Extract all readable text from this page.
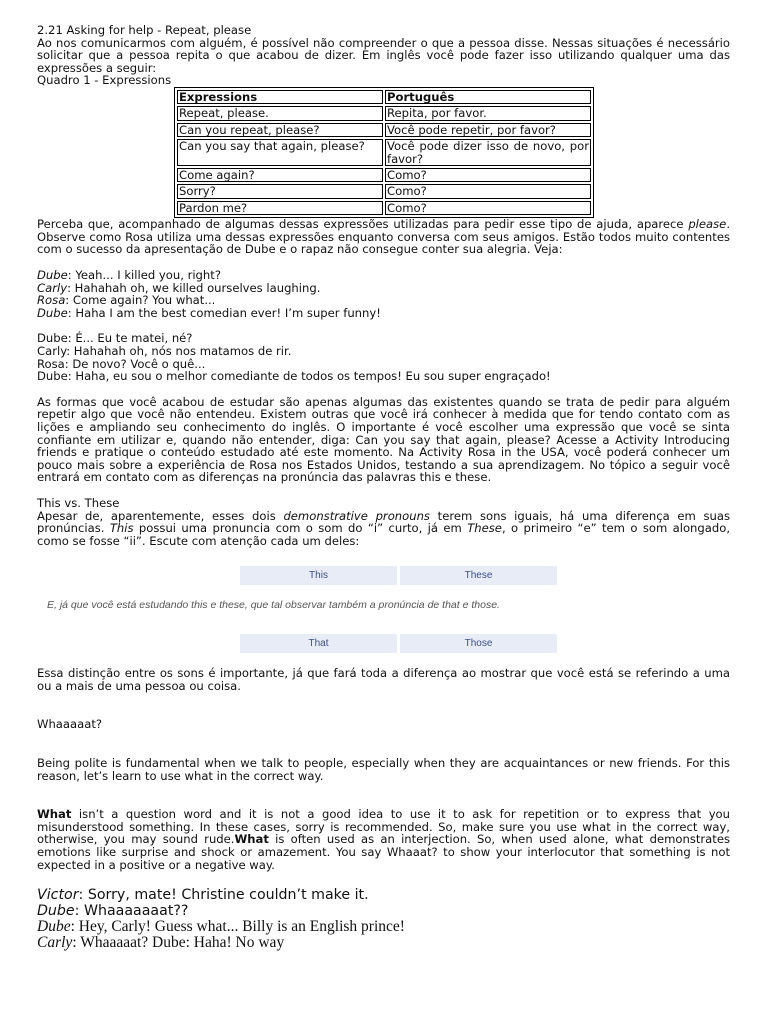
2.21 Asking for help - Repeat, please

Ao nos comunicarmos com alguém, é possível não compreender o que a pessoa disse. Nessas situações é necessário solicitar que a pessoa repita o que acabou de dizer. Em inglês você pode fazer isso utilizando qualquer uma das expressões a seguir:

Quadro 1 - Expressions

Expressions	Português
Repeat, please.	Repita, por favor.
Can you repeat, please?	Você pode repetir, por favor?
Can you say that again, please?	Você pode dizer isso de novo, por favor?
Come again?	Como?
Sorry?	Como?
Pardon me?	Como?

Perceba que, acompanhado de algumas dessas expressões utilizadas para pedir esse tipo de ajuda, aparece please. Observe como Rosa utiliza uma dessas expressões enquanto conversa com seus amigos. Estão todos muito contentes com o sucesso da apresentação de Dube e o rapaz não consegue conter sua alegria. Veja:

Dube: Yeah... I killed you, right?

Carly: Hahahah oh, we killed ourselves laughing.

Rosa: Come again? You what...

Dube: Haha I am the best comedian ever! I’m super funny!

Dube: É... Eu te matei, né?

Carly: Hahahah oh, nós nos matamos de rir.

Rosa: De novo? Você o quê...

Dube: Haha, eu sou o melhor comediante de todos os tempos! Eu sou super engraçado!

As formas que você acabou de estudar são apenas algumas das existentes quando se trata de pedir para alguém repetir algo que você não entendeu. Existem outras que você irá conhecer à medida que for tendo contato com as lições e ampliando seu conhecimento do inglês. O importante é você escolher uma expressão que você se sinta confiante em utilizar e, quando não entender, diga: Can you say that again, please? Acesse a Activity Introducing friends e pratique o conteúdo estudado até este momento. Na Activity Rosa in the USA, você poderá conhecer um pouco mais sobre a experiência de Rosa nos Estados Unidos, testando a sua aprendizagem. No tópico a seguir você entrará em contato com as diferenças na pronúncia das palavras this e these.

This vs. These

Apesar de, aparentemente, esses dois demonstrative pronouns terem sons iguais, há uma diferença em suas pronúncias. This possui uma pronuncia com o som do “i” curto, já em These, o primeiro “e” tem o som alongado, como se fosse “ii”. Escute com atenção cada um deles:

This	These
E, já que você está estudando this e these, que tal observar também a pronúncia de that e those.
That	Those

Essa distinção entre os sons é importante, já que fará toda a diferença ao mostrar que você está se referindo a uma ou a mais de uma pessoa ou coisa.

Whaaaaat?

Being polite is fundamental when we talk to people, especially when they are acquaintances or new friends. For this reason, let’s learn to use what in the correct way.

What isn’t a question word and it is not a good idea to use it to ask for repetition or to express that you misunderstood something. In these cases, sorry is recommended. So, make sure you use what in the correct way, otherwise, you may sound rude.What is often used as an interjection. So, when used alone, what demonstrates emotions like surprise and shock or amazement. You say Whaaat? to show your interlocutor that something is not expected in a positive or a negative way.

Victor: Sorry, mate! Christine couldn’t make it.

Dube: Whaaaaaaat??

Dube: Hey, Carly! Guess what... Billy is an English prince!

Carly: Whaaaaat? Dube: Haha! No way
